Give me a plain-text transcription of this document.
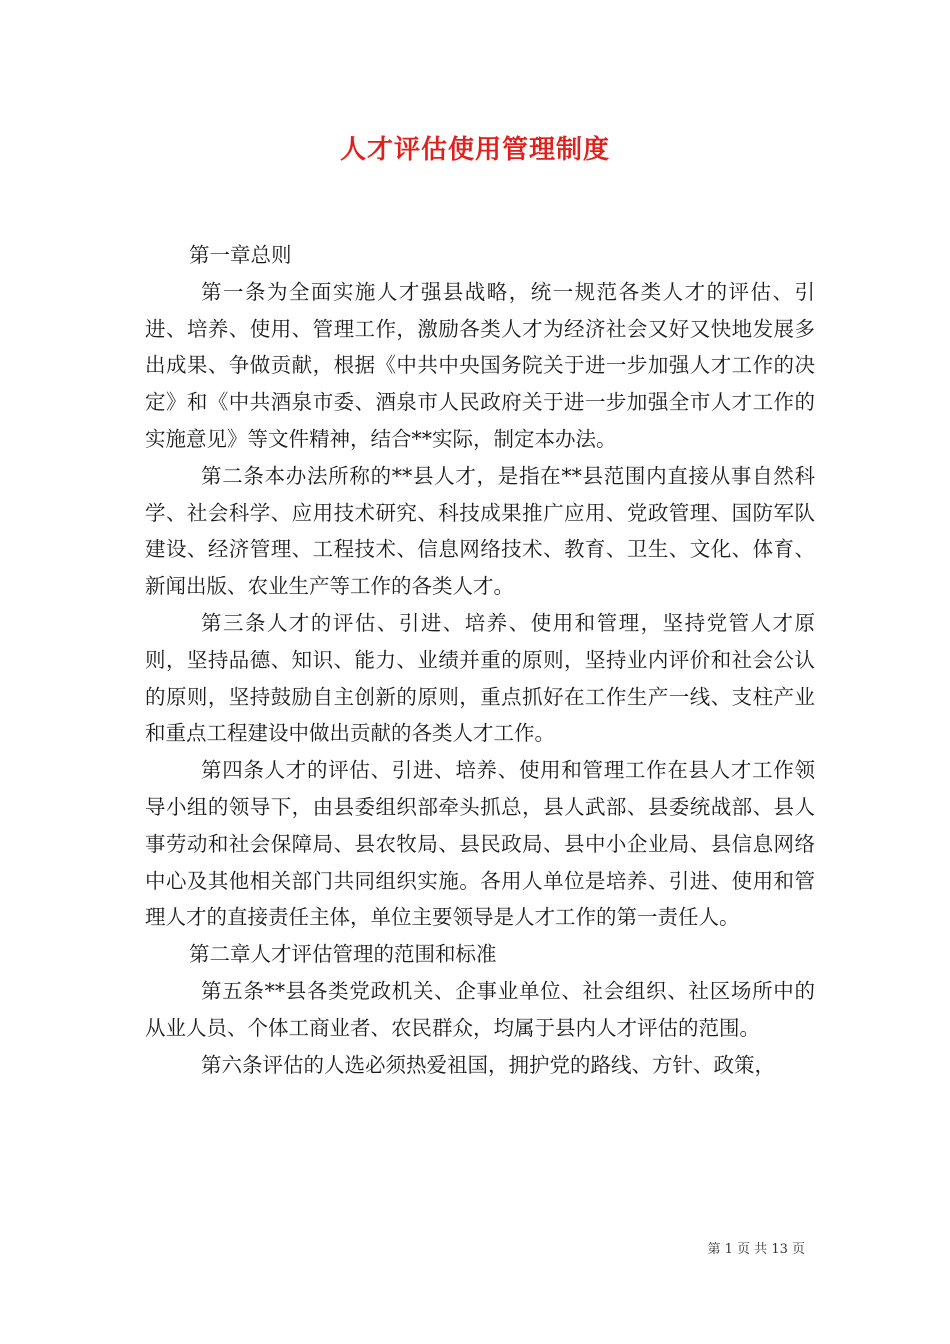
人才评估使用管理制度

第一章总则

第一条为全面实施人才强县战略，统一规范各类人才的评估、引进、培养、使用、管理工作，激励各类人才为经济社会又好又快地发展多出成果、争做贡献，根据《中共中央国务院关于进一步加强人才工作的决定》和《中共酒泉市委、酒泉市人民政府关于进一步加强全市人才工作的实施意见》等文件精神，结合**实际，制定本办法。

第二条本办法所称的**县人才，是指在**县范围内直接从事自然科学、社会科学、应用技术研究、科技成果推广应用、党政管理、国防军队建设、经济管理、工程技术、信息网络技术、教育、卫生、文化、体育、新闻出版、农业生产等工作的各类人才。

第三条人才的评估、引进、培养、使用和管理，坚持党管人才原则，坚持品德、知识、能力、业绩并重的原则，坚持业内评价和社会公认的原则，坚持鼓励自主创新的原则，重点抓好在工作生产一线、支柱产业和重点工程建设中做出贡献的各类人才工作。

第四条人才的评估、引进、培养、使用和管理工作在县人才工作领导小组的领导下，由县委组织部牵头抓总，县人武部、县委统战部、县人事劳动和社会保障局、县农牧局、县民政局、县中小企业局、县信息网络中心及其他相关部门共同组织实施。各用人单位是培养、引进、使用和管理人才的直接责任主体，单位主要领导是人才工作的第一责任人。

第二章人才评估管理的范围和标准

第五条**县各类党政机关、企事业单位、社会组织、社区场所中的从业人员、个体工商业者、农民群众，均属于县内人才评估的范围。

第六条评估的人选必须热爱祖国，拥护党的路线、方针、政策，

第 1 页 共 13 页
